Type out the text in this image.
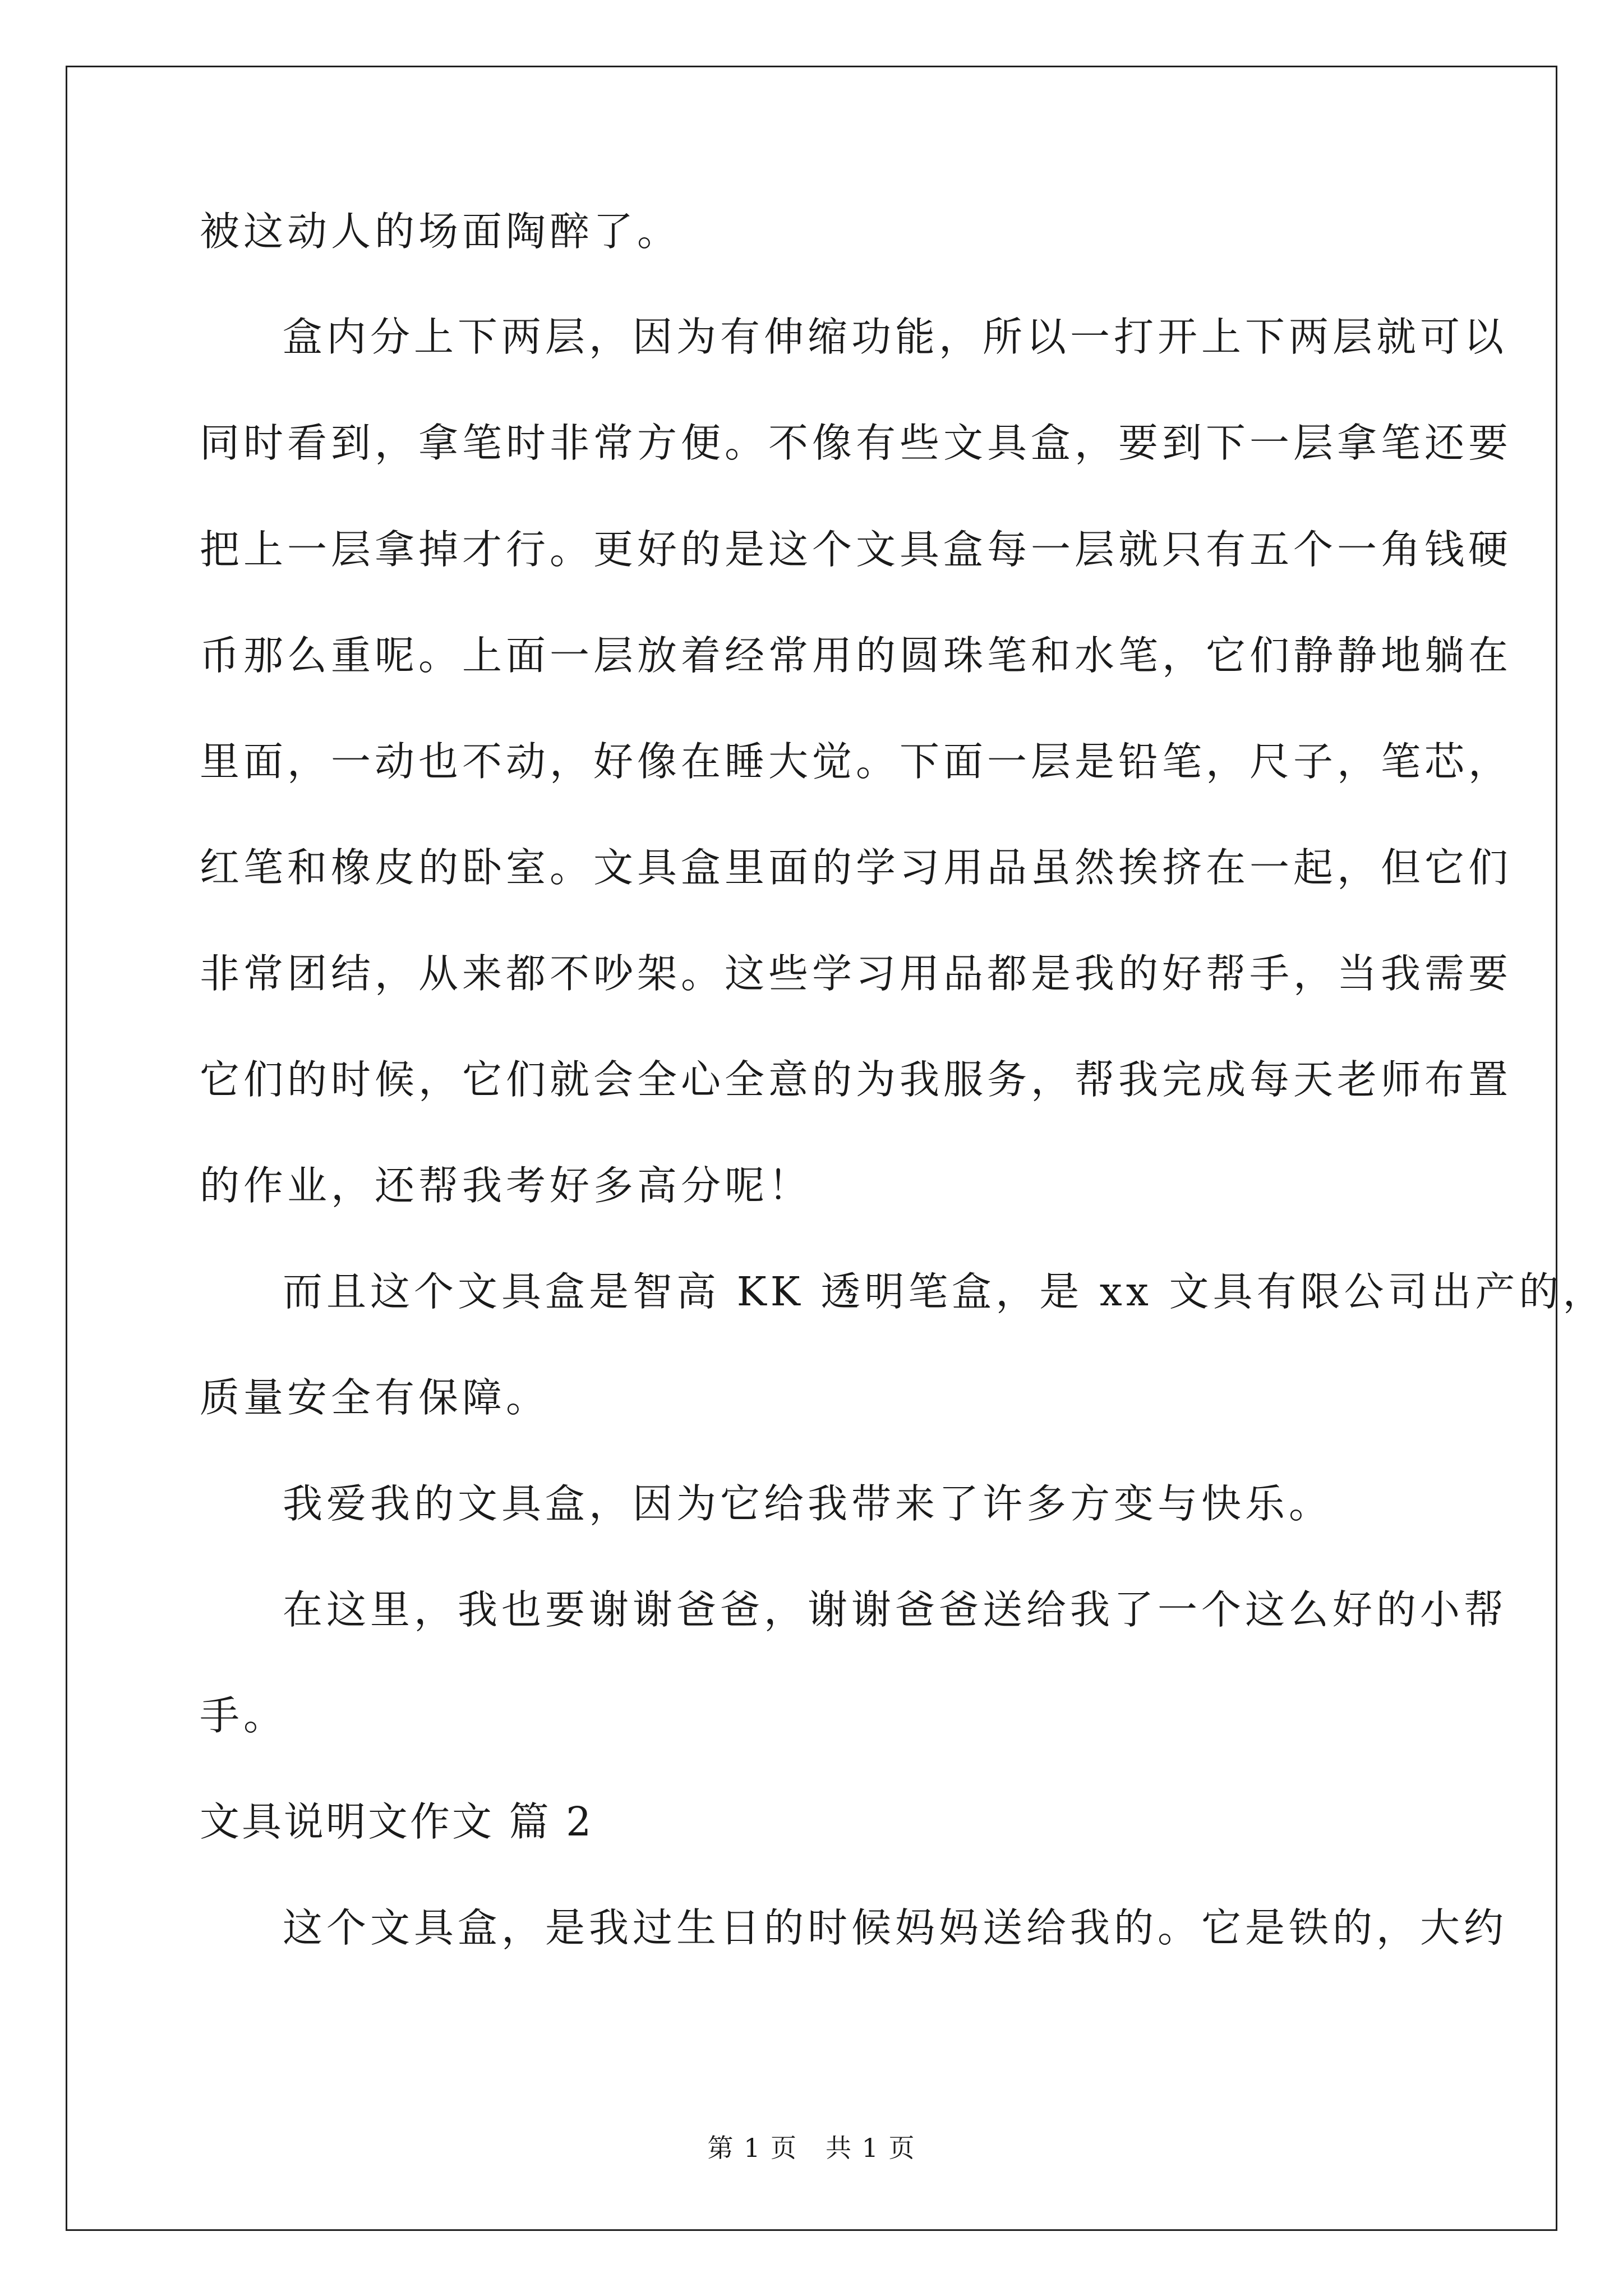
被这动人的场面陶醉了。
盒内分上下两层，因为有伸缩功能，所以一打开上下两层就可以
同时看到，拿笔时非常方便。不像有些文具盒，要到下一层拿笔还要
把上一层拿掉才行。更好的是这个文具盒每一层就只有五个一角钱硬
币那么重呢。上面一层放着经常用的圆珠笔和水笔，它们静静地躺在
里面，一动也不动，好像在睡大觉。下面一层是铅笔，尺子，笔芯，
红笔和橡皮的卧室。文具盒里面的学习用品虽然挨挤在一起，但它们
非常团结，从来都不吵架。这些学习用品都是我的好帮手，当我需要
它们的时候，它们就会全心全意的为我服务，帮我完成每天老师布置
的作业，还帮我考好多高分呢！
而且这个文具盒是智高 KK 透明笔盒，是 xx 文具有限公司出产的，
质量安全有保障。
我爱我的文具盒，因为它给我带来了许多方变与快乐。
在这里，我也要谢谢爸爸，谢谢爸爸送给我了一个这么好的小帮
手。
文具说明文作文 篇 2
这个文具盒，是我过生日的时候妈妈送给我的。它是铁的，大约
第 1 页 共 1 页
